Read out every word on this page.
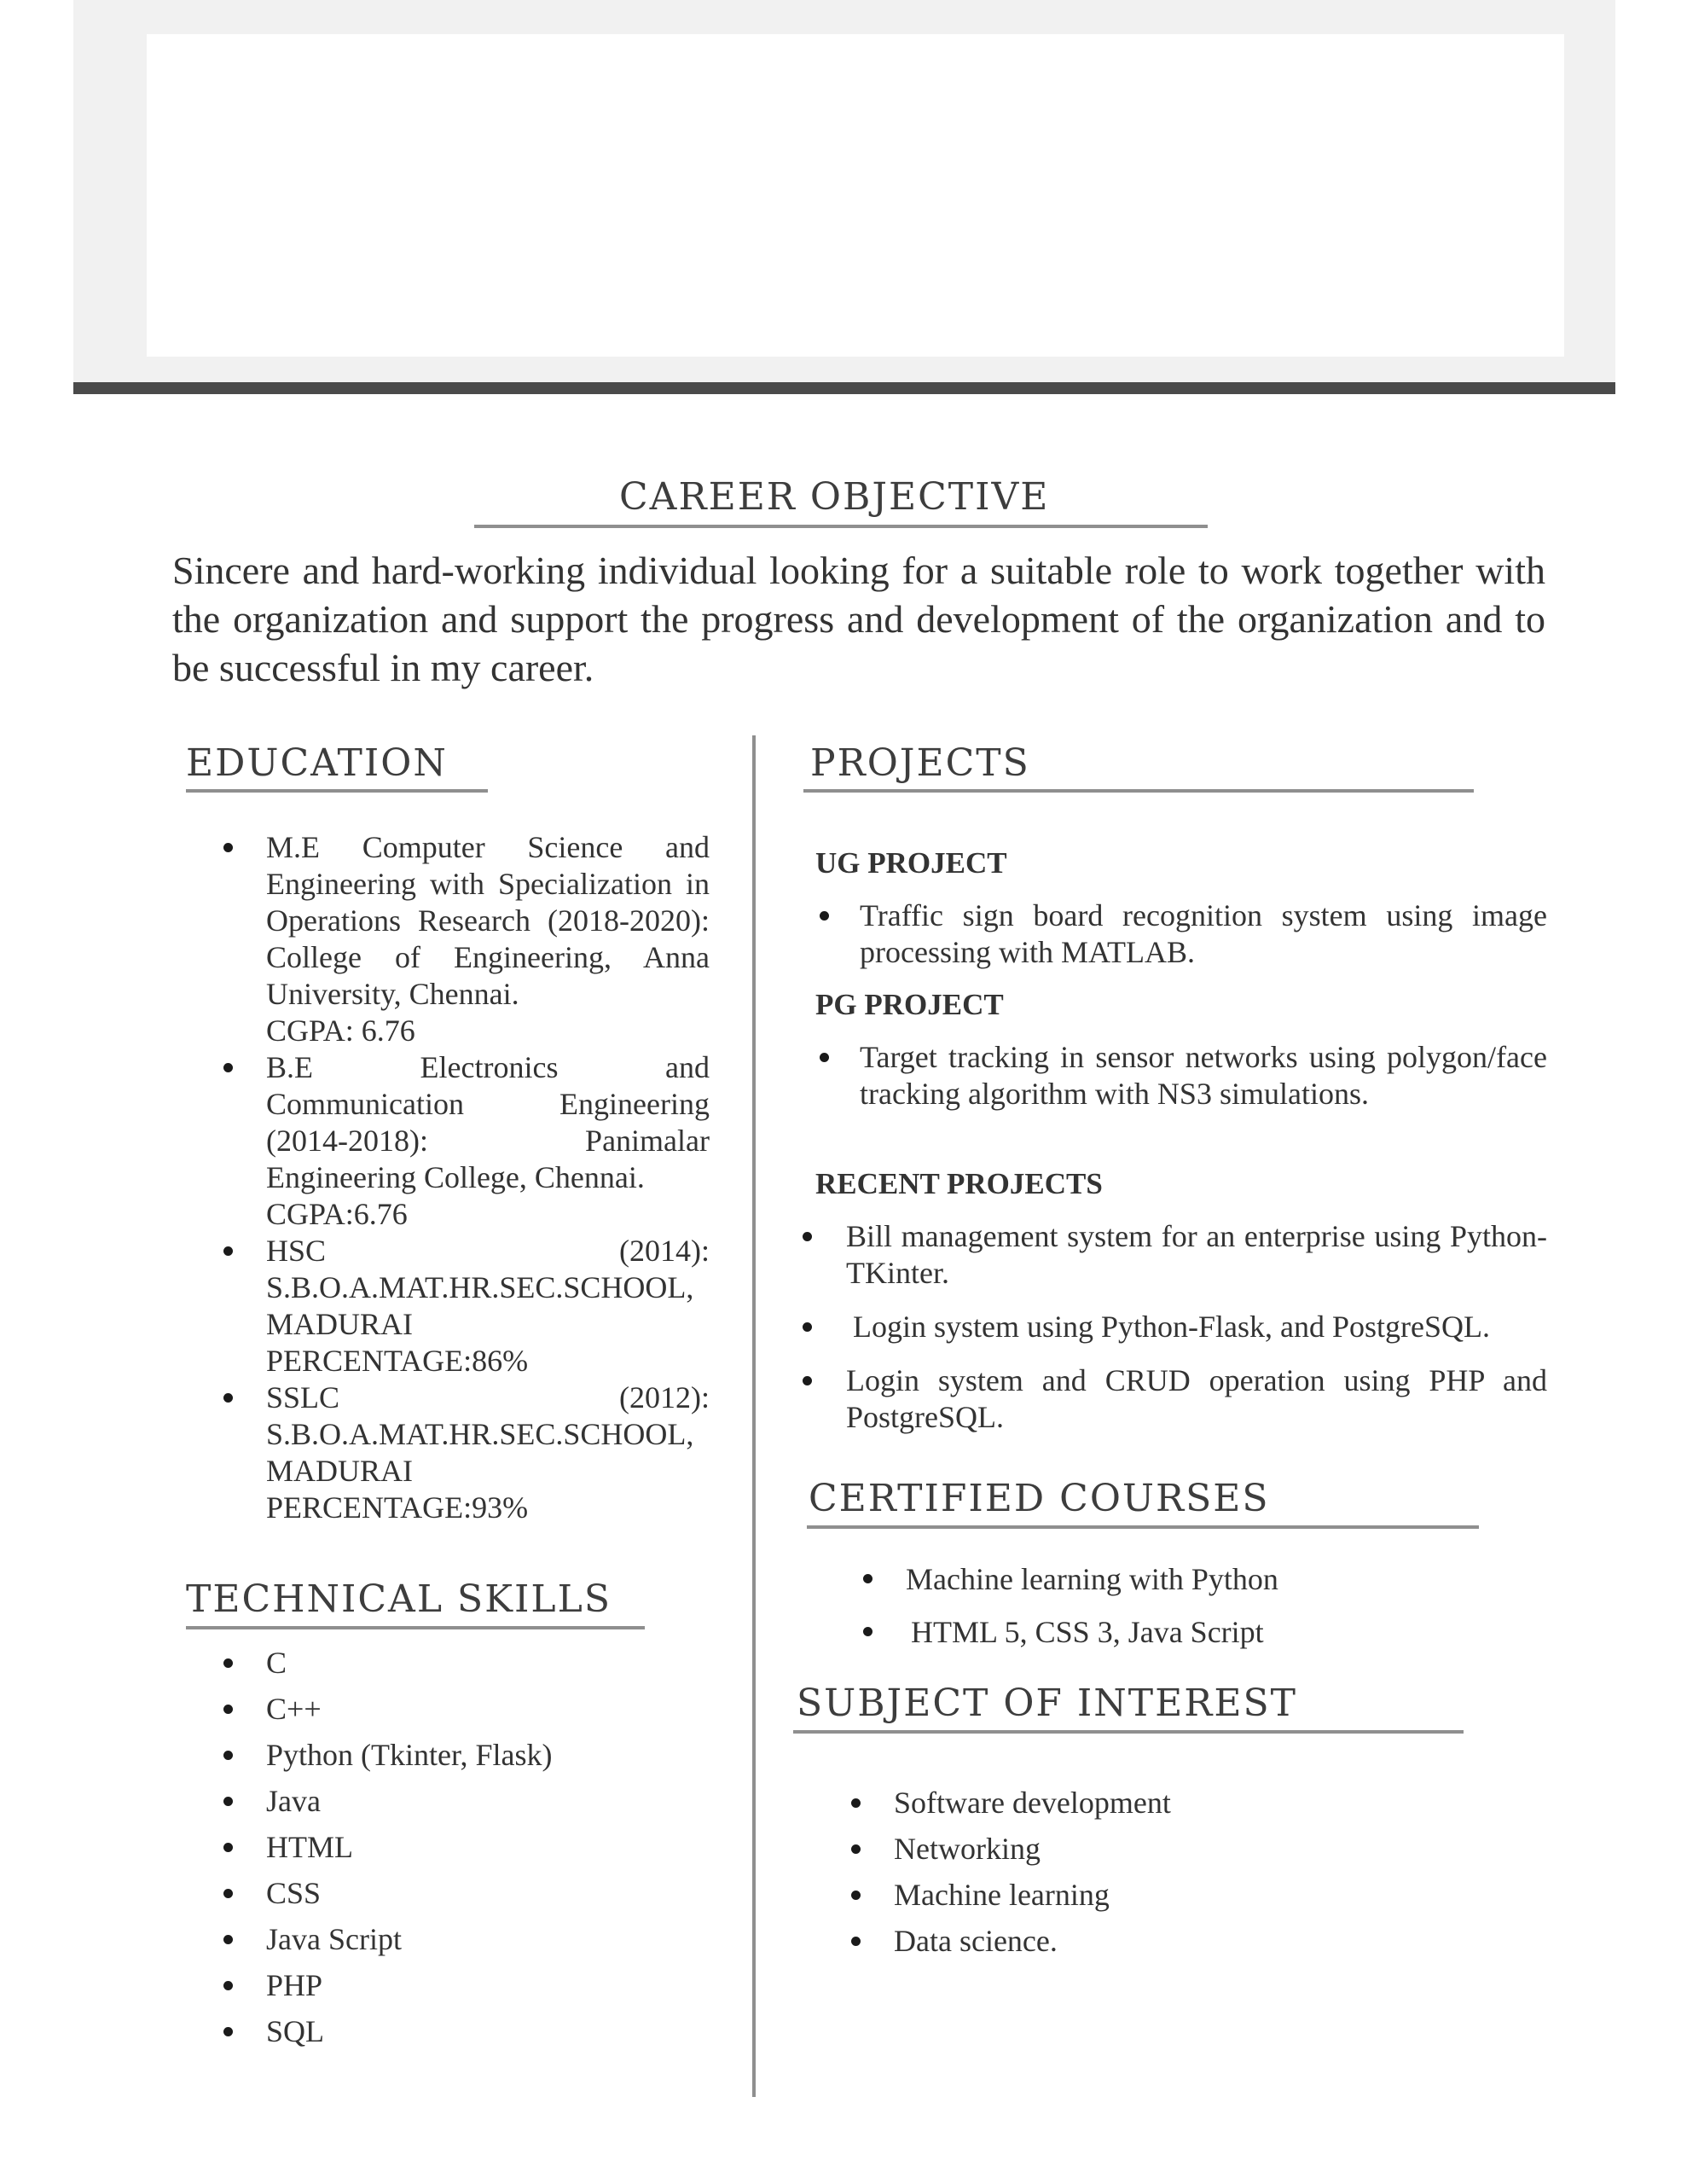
CAREER OBJECTIVE

Sincere and hard-working individual looking for a suitable role to work together with the organization and support the progress and development of the organization and to be successful in my career.

EDUCATION
M.E Computer Science and Engineering with Specialization in Operations Research (2018-2020): College of Engineering, Anna University, Chennai.
CGPA: 6.76
B.E Electronics and Communication Engineering (2014-2018): Panimalar Engineering College, Chennai.
CGPA:6.76
HSC (2014): S.B.O.A.MAT.HR.SEC.SCHOOL, MADURAI
PERCENTAGE:86%
SSLC (2012): S.B.O.A.MAT.HR.SEC.SCHOOL, MADURAI
PERCENTAGE:93%
TECHNICAL SKILLS
C
C++
Python (Tkinter, Flask)
Java
HTML
CSS
Java Script
PHP
SQL
PROJECTS
UG PROJECT
Traffic sign board recognition system using image processing with MATLAB.
PG PROJECT
Target tracking in sensor networks using polygon/face tracking algorithm with NS3 simulations.
RECENT PROJECTS
Bill management system for an enterprise using Python-TKinter.
Login system using Python-Flask, and PostgreSQL.
Login system and CRUD operation using PHP and PostgreSQL.
CERTIFIED COURSES
Machine learning with Python
HTML 5, CSS 3, Java Script
SUBJECT OF INTEREST
Software development
Networking
Machine learning
Data science.
